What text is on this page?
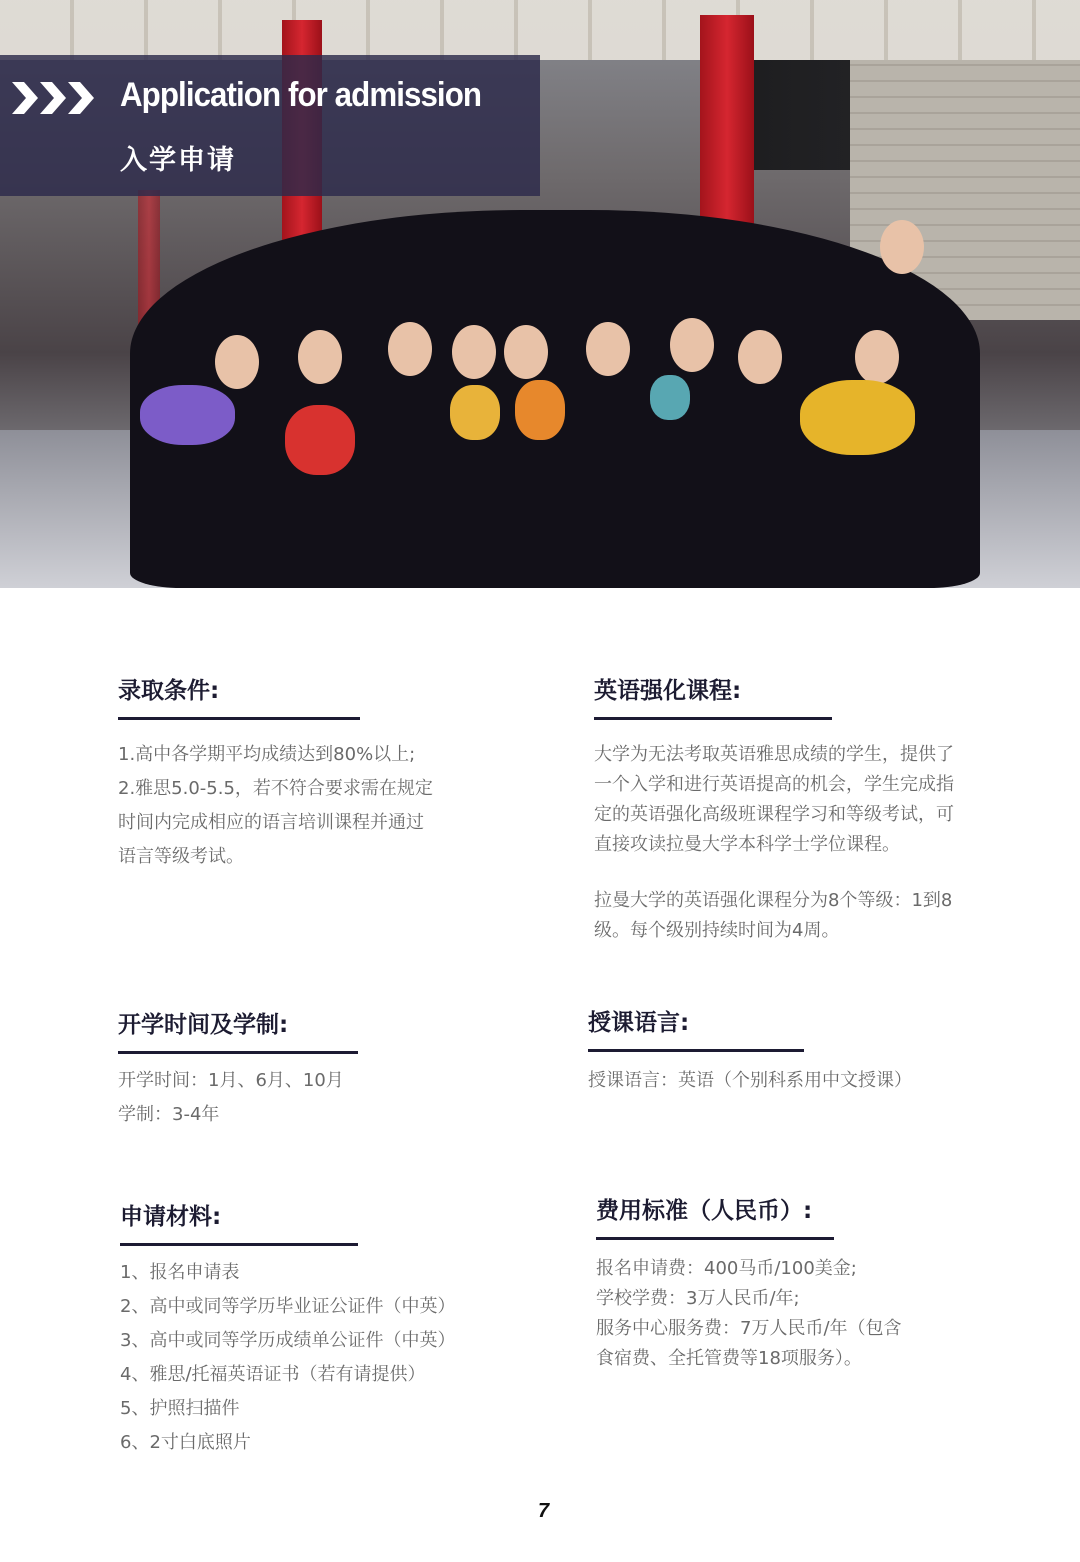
Application for admission
入学申请
录取条件:

1.高中各学期平均成绩达到80%以上;

2.雅思5.0-5.5，若不符合要求需在规定

时间内完成相应的语言培训课程并通过

语言等级考试。

英语强化课程:

大学为无法考取英语雅思成绩的学生，提供了

一个入学和进行英语提高的机会，学生完成指

定的英语强化高级班课程学习和等级考试，可

直接攻读拉曼大学本科学士学位课程。

拉曼大学的英语强化课程分为8个等级：1到8

级。每个级别持续时间为4周。

开学时间及学制:

开学时间：1月、6月、10月

学制：3-4年

授课语言:

授课语言：英语（个别科系用中文授课）

申请材料:

1、报名申请表

2、高中或同等学历毕业证公证件（中英）

3、高中或同等学历成绩单公证件（中英）

4、雅思/托福英语证书（若有请提供）

5、护照扫描件

6、2寸白底照片

费用标准（人民币）:

报名申请费：400马币/100美金;

学校学费：3万人民币/年;

服务中心服务费：7万人民币/年（包含

食宿费、全托管费等18项服务）。

7
